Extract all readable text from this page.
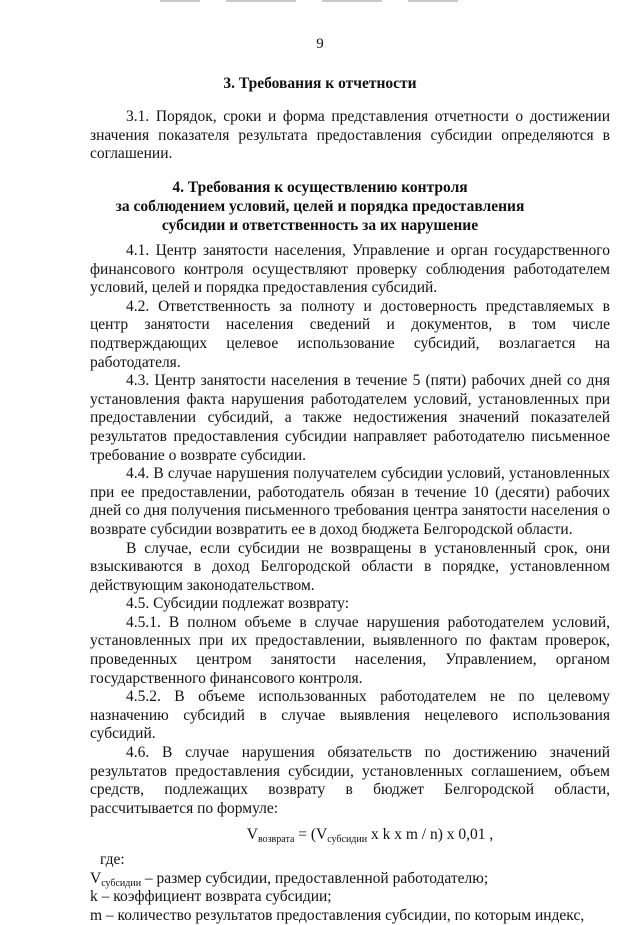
9
3. Требования к отчетности

3.1. Порядок, сроки и форма представления отчетности о достижении значения показателя результата предоставления субсидии определяются в соглашении.

4. Требования к осуществлению контроля
за соблюдением условий, целей и порядка предоставления
субсидии и ответственность за их нарушение

4.1. Центр занятости населения, Управление и орган государственного финансового контроля осуществляют проверку соблюдения работодателем условий, целей и порядка предоставления субсидий.

4.2. Ответственность за полноту и достоверность представляемых в центр занятости населения сведений и документов, в том числе подтверждающих целевое использование субсидий, возлагается на работодателя.

4.3. Центр занятости населения в течение 5 (пяти) рабочих дней со дня установления факта нарушения работодателем условий, установленных при предоставлении субсидий, а также недостижения значений показателей результатов предоставления субсидии направляет работодателю письменное требование о возврате субсидии.

4.4. В случае нарушения получателем субсидии условий, установленных при ее предоставлении, работодатель обязан в течение 10 (десяти) рабочих дней со дня получения письменного требования центра занятости населения о возврате субсидии возвратить ее в доход бюджета Белгородской области.

В случае, если субсидии не возвращены в установленный срок, они взыскиваются в доход Белгородской области в порядке, установленном действующим законодательством.

4.5. Субсидии подлежат возврату:

4.5.1. В полном объеме в случае нарушения работодателем условий, установленных при их предоставлении, выявленного по фактам проверок, проведенных центром занятости населения, Управлением, органом государственного финансового контроля.

4.5.2. В объеме использованных работодателем не по целевому назначению субсидий в случае выявления нецелевого использования субсидий.

4.6. В случае нарушения обязательств по достижению значений результатов предоставления субсидии, установленных соглашением, объем средств, подлежащих возврату в бюджет Белгородской области, рассчитывается по формуле:

$V_{возврата} = (V_{субсидии}$ x k x m / n) x 0,01 ,

где:

$V_{субсидии}$ – размер субсидии, предоставленной работодателю;

k – коэффициент возврата субсидии;

m – количество результатов предоставления субсидии, по которым индекс,
